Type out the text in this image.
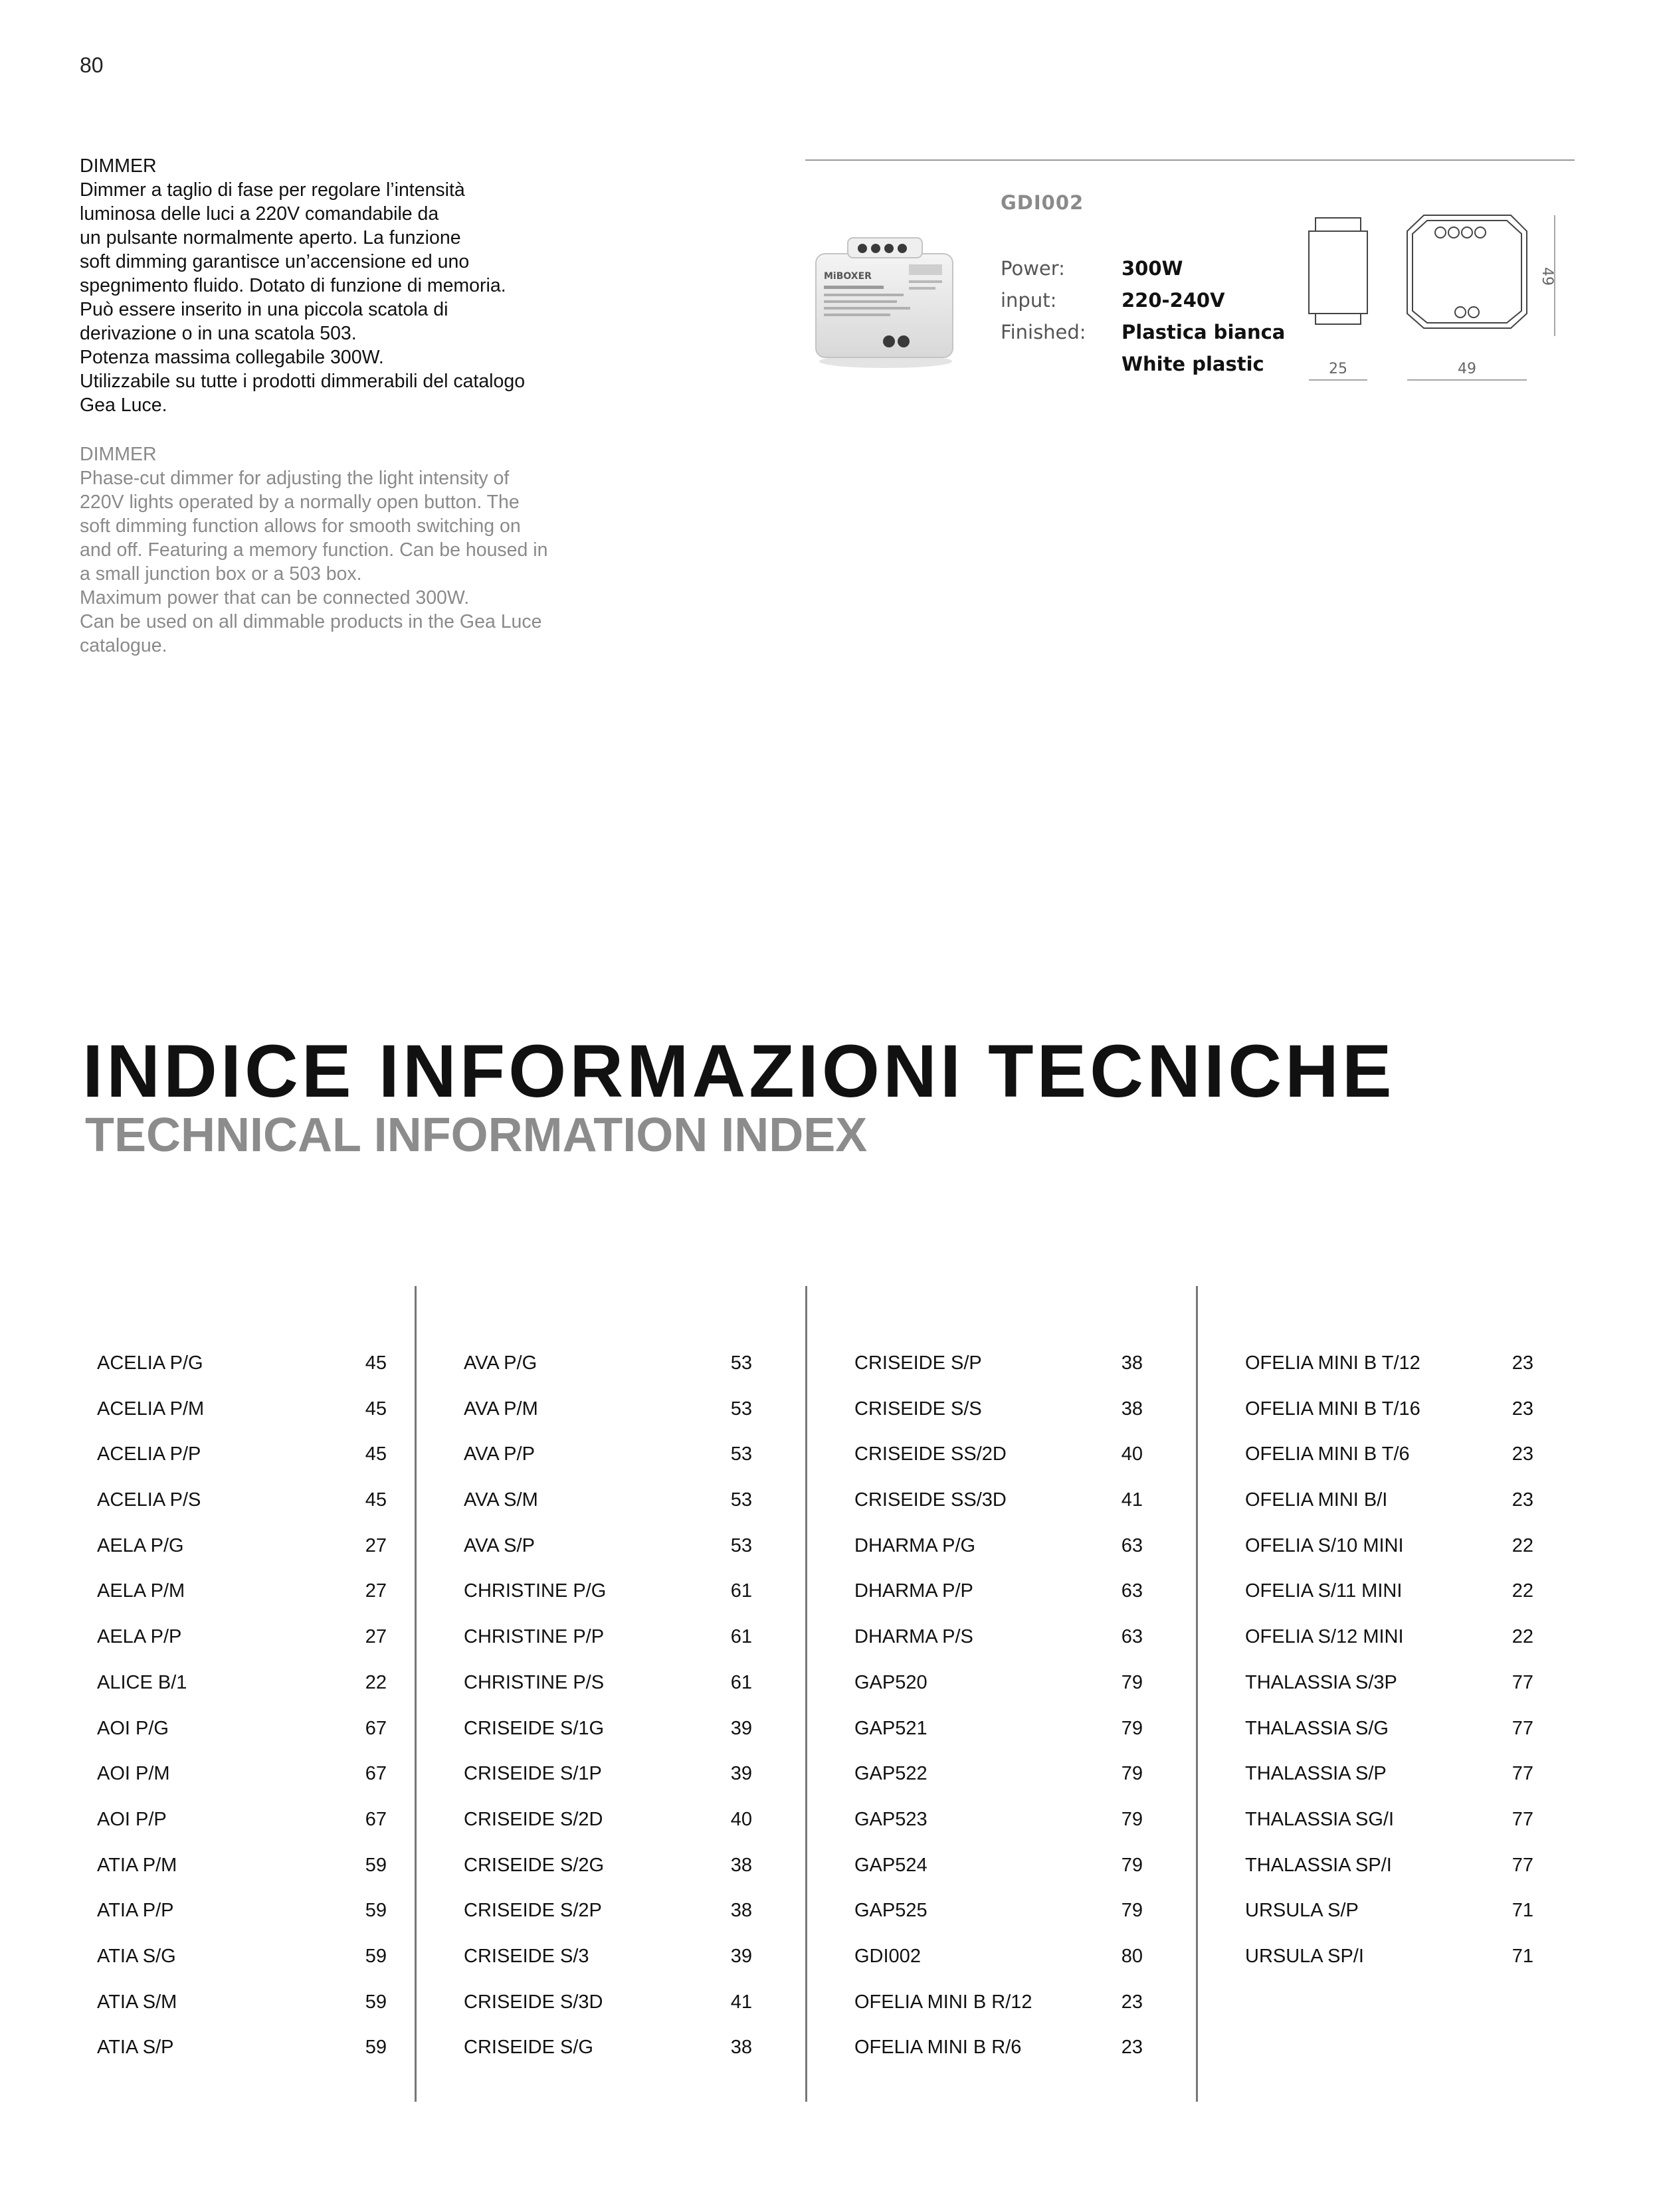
80
DIMMER
Dimmer a taglio di fase per regolare l’intensità
luminosa delle luci a 220V comandabile da
un pulsante normalmente aperto. La funzione
soft dimming garantisce un’accensione ed uno
spegnimento fluido. Dotato di funzione di memoria.
Può essere inserito in una piccola scatola di
derivazione o in una scatola 503.
Potenza massima collegabile 300W.
Utilizzabile su tutte i prodotti dimmerabili del catalogo
Gea Luce.
DIMMER
Phase-cut dimmer for adjusting the light intensity of
220V lights operated by a normally open button. The
soft dimming function allows for smooth switching on
and off. Featuring a memory function. Can be housed in
a small junction box or a 503 box.
Maximum power that can be connected 300W.
Can be used on all dimmable products in the Gea Luce
catalogue.
GDI002
MiBOXER	Power:	300W
input:	220-240V
Finished: Plastica bianca
White plastic	25	49
49
INDICE INFORMAZIONI TECNICHE
TECHNICAL INFORMATION INDEX
ACELIA P/G	45
ACELIA P/M	45
ACELIA P/P	45
ACELIA P/S	45
AELA P/G	27
AELA P/M	27
AELA P/P	27
ALICE B/1	22
AOI P/G	67
AOI P/M	67
AOI P/P	67
ATIA P/M	59
ATIA P/P	59
ATIA S/G	59
ATIA S/M	59
ATIA S/P	59
AVA P/G	53
AVA P/M	53
AVA P/P	53
AVA S/M	53
AVA S/P	53
CHRISTINE P/G	61
CHRISTINE P/P	61
CHRISTINE P/S	61
CRISEIDE S/1G	39
CRISEIDE S/1P	39
CRISEIDE S/2D	40
CRISEIDE S/2G	38
CRISEIDE S/2P	38
CRISEIDE S/3	39
CRISEIDE S/3D	41
CRISEIDE S/G	38
CRISEIDE S/P	38
CRISEIDE S/S	38
CRISEIDE SS/2D	40
CRISEIDE SS/3D	41
DHARMA P/G	63
DHARMA P/P	63
DHARMA P/S	63
GAP520	79
GAP521	79
GAP522	79
GAP523	79
GAP524	79
GAP525	79
GDI002	80
OFELIA MINI B R/12	23
OFELIA MINI B R/6	23
OFELIA MINI B T/12	23
OFELIA MINI B T/16	23
OFELIA MINI B T/6	23
OFELIA MINI B/I	23
OFELIA S/10 MINI	22
OFELIA S/11 MINI	22
OFELIA S/12 MINI	22
THALASSIA S/3P	77
THALASSIA S/G	77
THALASSIA S/P	77
THALASSIA SG/I	77
THALASSIA SP/I	77
URSULA S/P	71
URSULA SP/I	71
